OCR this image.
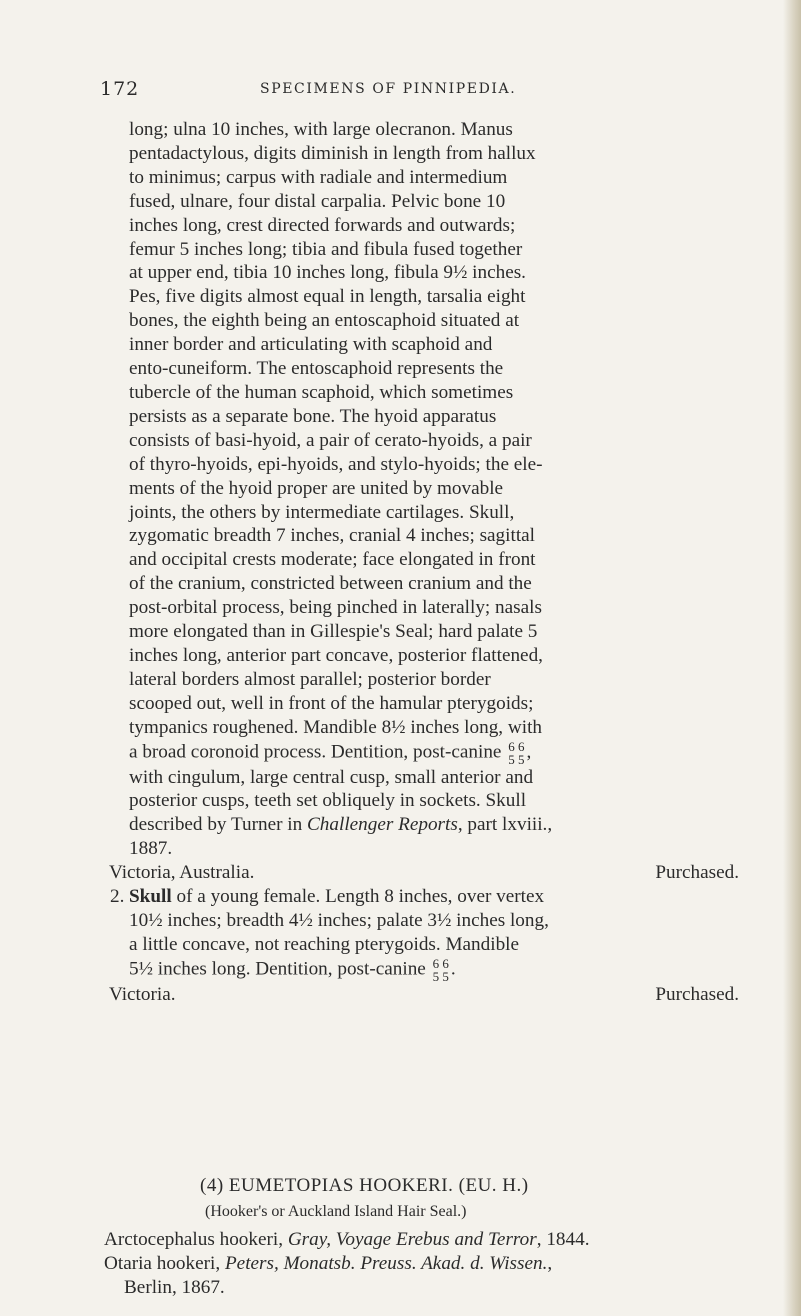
172	SPECIMENS OF PINNIPEDIA.
long; ulna 10 inches, with large olecranon. Manus
pentadactylous, digits diminish in length from hallux
to minimus; carpus with radiale and intermedium
fused, ulnare, four distal carpalia. Pelvic bone 10
inches long, crest directed forwards and outwards;
femur 5 inches long; tibia and fibula fused together
at upper end, tibia 10 inches long, fibula 9½ inches.
Pes, five digits almost equal in length, tarsalia eight
bones, the eighth being an entoscaphoid situated at
inner border and articulating with scaphoid and
ento-cuneiform. The entoscaphoid represents the
tubercle of the human scaphoid, which sometimes
persists as a separate bone. The hyoid apparatus
consists of basi-hyoid, a pair of cerato-hyoids, a pair
of thyro-hyoids, epi-hyoids, and stylo-hyoids; the ele-
ments of the hyoid proper are united by movable
joints, the others by intermediate cartilages. Skull,
zygomatic breadth 7 inches, cranial 4 inches; sagittal
and occipital crests moderate; face elongated in front
of the cranium, constricted between cranium and the
post-orbital process, being pinched in laterally; nasals
more elongated than in Gillespie's Seal; hard palate 5
inches long, anterior part concave, posterior flattened,
lateral borders almost parallel; posterior border
scooped out, well in front of the hamular pterygoids;
tympanics roughened. Mandible 8½ inches long, with
a broad coronoid process. Dentition, post-canine 6 6
5 5 ,
with cingulum, large central cusp, small anterior and
posterior cusps, teeth set obliquely in sockets. Skull
described by Turner in Challenger Reports, part lxviii.,
1887.
Victoria, Australia.	Purchased.
2. Skull of a young female. Length 8 inches, over vertex
10½ inches; breadth 4½ inches; palate 3½ inches long,
a little concave, not reaching pterygoids. Mandible
5½ inches long. Dentition, post-canine 6 6
5 5 .
Victoria.	Purchased.
(4) EUMETOPIAS HOOKERI. (EU. H.)
(Hooker's or Auckland Island Hair Seal.)
Arctocephalus hookeri, Gray, Voyage Erebus and Terror, 1844.
Otaria hookeri, Peters, Monatsb. Preuss. Akad. d. Wissen.,
Berlin, 1867.
